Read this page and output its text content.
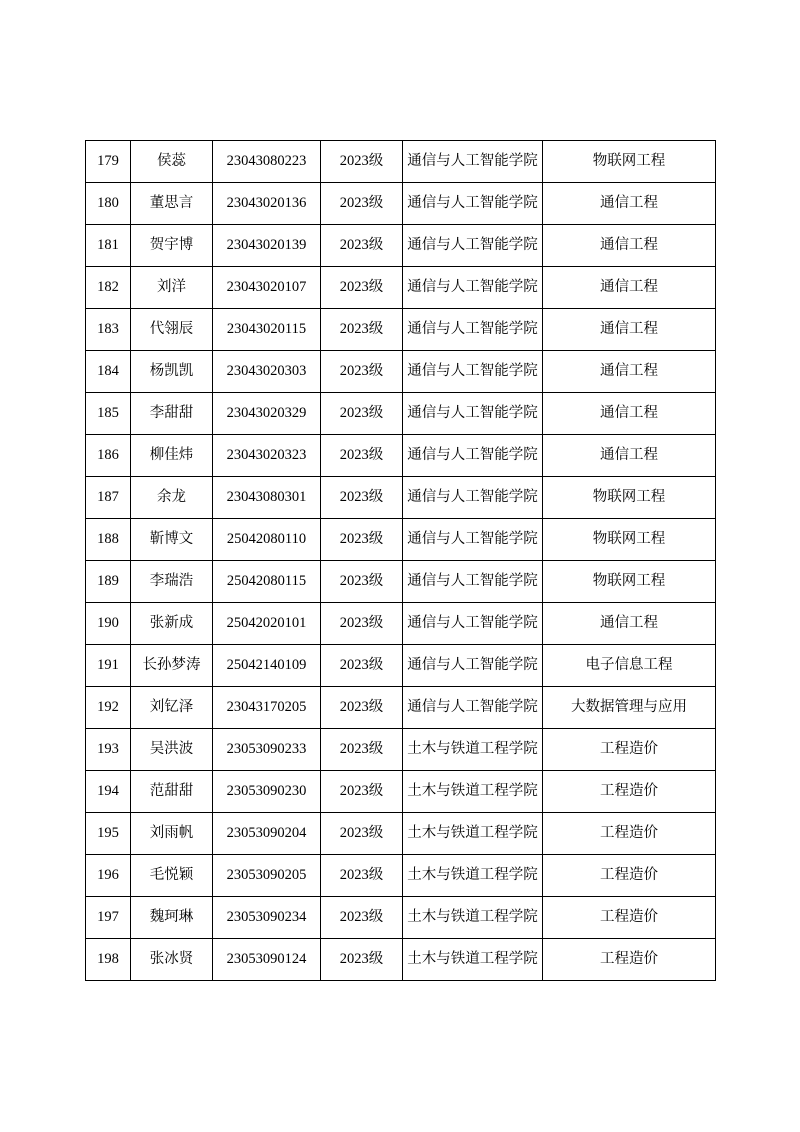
179	侯蕊	23043080223	2023级	通信与人工智能学院	物联网工程
180	董思言	23043020136	2023级	通信与人工智能学院	通信工程
181	贺宇博	23043020139	2023级	通信与人工智能学院	通信工程
182	刘洋	23043020107	2023级	通信与人工智能学院	通信工程
183	代翎辰	23043020115	2023级	通信与人工智能学院	通信工程
184	杨凯凯	23043020303	2023级	通信与人工智能学院	通信工程
185	李甜甜	23043020329	2023级	通信与人工智能学院	通信工程
186	柳佳炜	23043020323	2023级	通信与人工智能学院	通信工程
187	余龙	23043080301	2023级	通信与人工智能学院	物联网工程
188	靳博文	25042080110	2023级	通信与人工智能学院	物联网工程
189	李瑞浩	25042080115	2023级	通信与人工智能学院	物联网工程
190	张新成	25042020101	2023级	通信与人工智能学院	通信工程
191	长孙梦涛	25042140109	2023级	通信与人工智能学院	电子信息工程
192	刘钇泽	23043170205	2023级	通信与人工智能学院	大数据管理与应用
193	吴洪波	23053090233	2023级	土木与铁道工程学院	工程造价
194	范甜甜	23053090230	2023级	土木与铁道工程学院	工程造价
195	刘雨帆	23053090204	2023级	土木与铁道工程学院	工程造价
196	毛悦颖	23053090205	2023级	土木与铁道工程学院	工程造价
197	魏珂琳	23053090234	2023级	土木与铁道工程学院	工程造价
198	张冰贤	23053090124	2023级	土木与铁道工程学院	工程造价
